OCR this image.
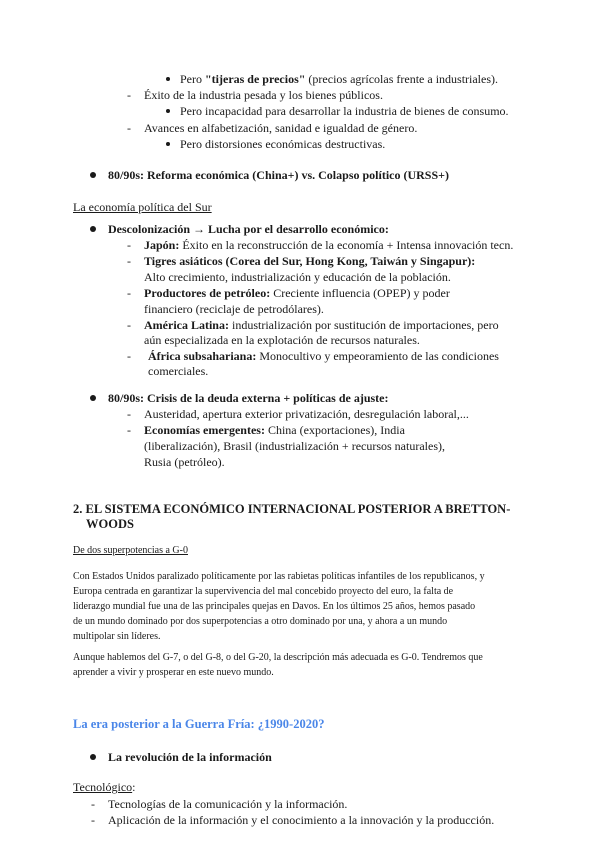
Pero "tijeras de precios" (precios agrícolas frente a industriales).
- Éxito de la industria pesada y los bienes públicos.
Pero incapacidad para desarrollar la industria de bienes de consumo.
- Avances en alfabetización, sanidad e igualdad de género.
Pero distorsiones económicas destructivas.
80/90s: Reforma económica (China+) vs. Colapso político (URSS+)
La economía política del Sur
Descolonización → Lucha por el desarrollo económico:
- Japón: Éxito en la reconstrucción de la economía + Intensa innovación tecn.
- Tigres asiáticos (Corea del Sur, Hong Kong, Taiwán y Singapur):
Alto crecimiento, industrialización y educación de la población.
- Productores de petróleo: Creciente influencia (OPEP) y poder
financiero (reciclaje de petrodólares).
- América Latina: industrialización por sustitución de importaciones, pero
aún especializada en la explotación de recursos naturales.
- África subsahariana: Monocultivo y empeoramiento de las condiciones
comerciales.
80/90s: Crisis de la deuda externa + políticas de ajuste:
- Austeridad, apertura exterior privatización, desregulación laboral,...
- Economías emergentes: China (exportaciones), India
(liberalización), Brasil (industrialización + recursos naturales),
Rusia (petróleo).
2. EL SISTEMA ECONÓMICO INTERNACIONAL POSTERIOR A BRETTON-
WOODS
De dos superpotencias a G-0
Con Estados Unidos paralizado políticamente por las rabietas políticas infantiles de los republicanos, y
Europa centrada en garantizar la supervivencia del mal concebido proyecto del euro, la falta de
liderazgo mundial fue una de las principales quejas en Davos. En los últimos 25 años, hemos pasado
de un mundo dominado por dos superpotencias a otro dominado por una, y ahora a un mundo
multipolar sin líderes.
Aunque hablemos del G-7, o del G-8, o del G-20, la descripción más adecuada es G-0. Tendremos que
aprender a vivir y prosperar en este nuevo mundo.
La era posterior a la Guerra Fría: ¿1990-2020?
La revolución de la información
Tecnológico:
- Tecnologías de la comunicación y la información.
- Aplicación de la información y el conocimiento a la innovación y la producción.
